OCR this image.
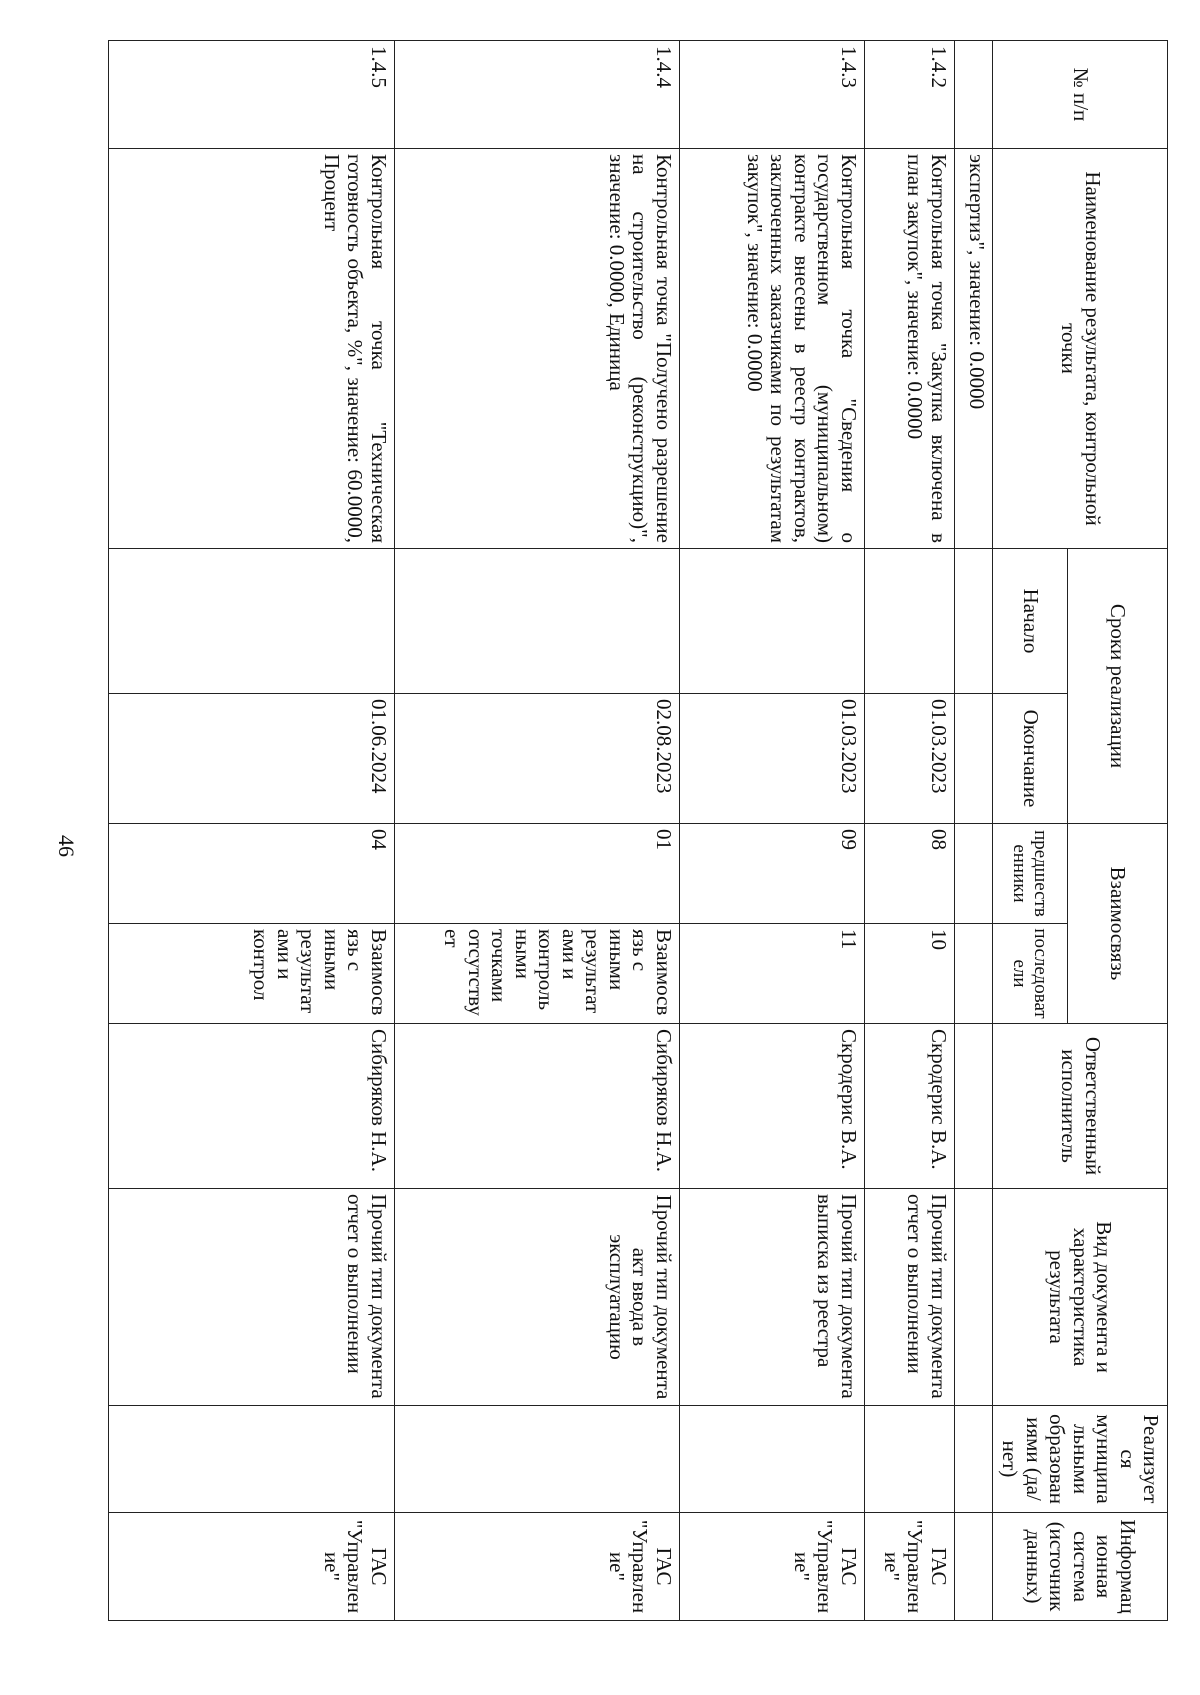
46
№ п/п	Наименование результата, контрольной точки	Сроки реализации		Взаимосвязь		Ответственный исполнитель	Вид документа и характеристика результата	Реализуется муниципальными образованиями (да/нет)	Информационная система (источник данных)
		Начало	Окончание	предшественники	последователи				
	экспертиз", значение: 0.0000								
1.4.2	Контрольная точка "Закупка включена в план закупок", значение: 0.0000		01.03.2023	08	10	Скродерис В.А.	Прочий тип документа отчет о выполнении		ГАС "Управление"
1.4.3	Контрольная точка "Сведения о государственном (муниципальном) контракте внесены в реестр контрактов, заключенных заказчиками по результатам закупок", значение: 0.0000		01.03.2023	09	11	Скродерис В.А.	Прочий тип документа выписка из реестра		ГАС "Управление"
1.4.4	Контрольная точка "Получено разрешение на строительство (реконструкцию)", значение: 0.0000, Единица		02.08.2023	01	Взаимосвязь с иными результатами и контрольными точками отсутствует	Сибиряков Н.А.	Прочий тип документа акт ввода в эксплуатацию		ГАС "Управление"
1.4.5	Контрольная точка "Техническая готовность объекта, %", значение: 60.0000, Процент		01.06.2024	04	Взаимосвязь с иными результатами и контрол	Сибиряков Н.А.	Прочий тип документа отчет о выполнении		ГАС "Управление"
